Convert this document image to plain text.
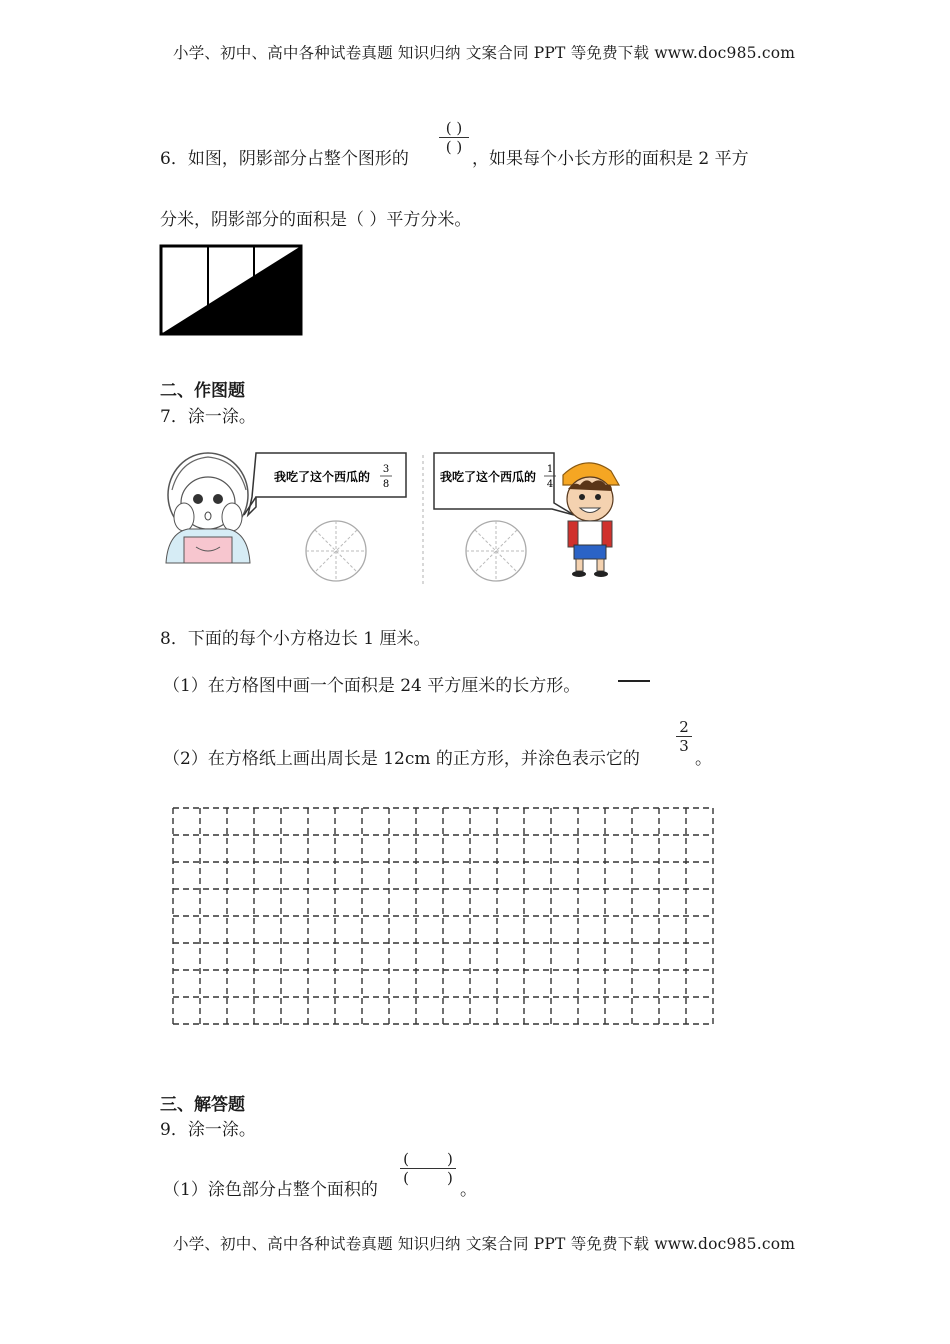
小学、初中、高中各种试卷真题 知识归纳 文案合同 PPT 等免费下载 www.doc985.com
( )
( )
6．如图，阴影部分占整个图形的	，如果每个小长方形的面积是 2 平方
分米，阴影部分的面积是（ ）平方分米。
二、作图题
7．涂一涂。
我吃了这个西瓜的
3
8
我吃了这个西瓜的
1
4
8．下面的每个小方格边长 1 厘米。
（1）在方格图中画一个面积是 24 平方厘米的长方形。
（2）在方格纸上画出周长是 12cm 的正方形，并涂色表示它的
2
3
。
三、解答题
9．涂一涂。
（1）涂色部分占整个面积的
(        )
(        )
。
小学、初中、高中各种试卷真题 知识归纳 文案合同 PPT 等免费下载 www.doc985.com
